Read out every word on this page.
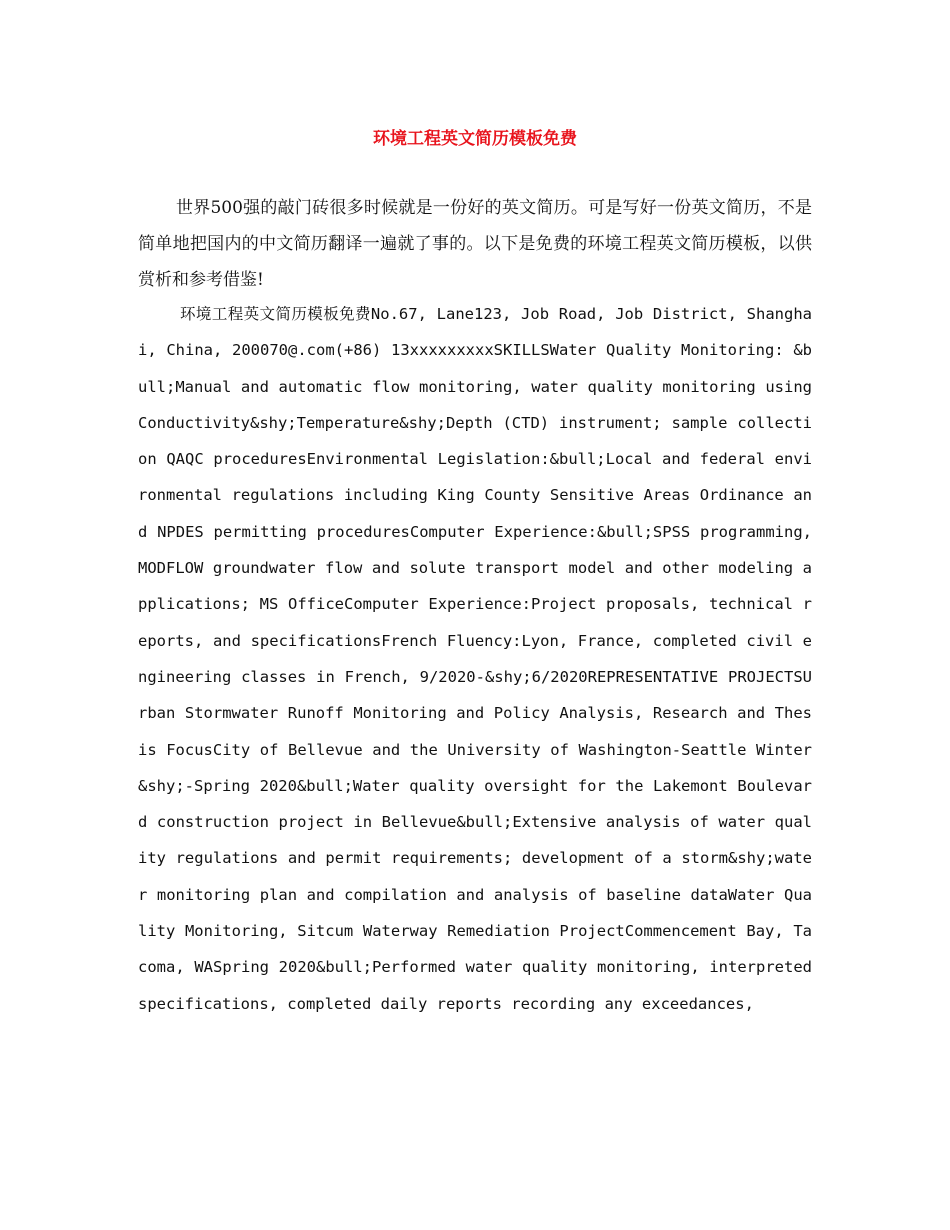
环境工程英文简历模板免费

世界500强的敲门砖很多时候就是一份好的英文简历。可是写好一份英文简历，不是简单地把国内的中文简历翻译一遍就了事的。以下是免费的环境工程英文简历模板，以供赏析和参考借鉴!

环境工程英文简历模板免费No.67, Lane123, Job Road, Job District, Shanghai, China, 200070@.com(+86) 13xxxxxxxxxSKILLSWater Quality Monitoring: &bull;Manual and automatic flow monitoring, water quality monitoring using Conductivity&shy;Temperature&shy;Depth (CTD) instrument; sample collection QAQC proceduresEnvironmental Legislation:&bull;Local and federal environmental regulations including King County Sensitive Areas Ordinance and NPDES permitting proceduresComputer Experience:&bull;SPSS programming, MODFLOW groundwater flow and solute transport model and other modeling applications; MS OfficeComputer Experience:Project proposals, technical reports, and specificationsFrench Fluency:Lyon, France, completed civil engineering classes in French, 9/2020-&shy;6/2020REPRESENTATIVE PROJECTSUrban Stormwater Runoff Monitoring and Policy Analysis, Research and Thesis FocusCity of Bellevue and the University of Washington-Seattle Winter&shy;-Spring 2020&bull;Water quality oversight for the Lakemont Boulevard construction project in Bellevue&bull;Extensive analysis of water quality regulations and permit requirements; development of a storm&shy;water monitoring plan and compilation and analysis of baseline dataWater Quality Monitoring, Sitcum Waterway Remediation ProjectCommencement Bay, Tacoma, WASpring 2020&bull;Performed water quality monitoring, interpreted specifications, completed daily reports recording any exceedances,
